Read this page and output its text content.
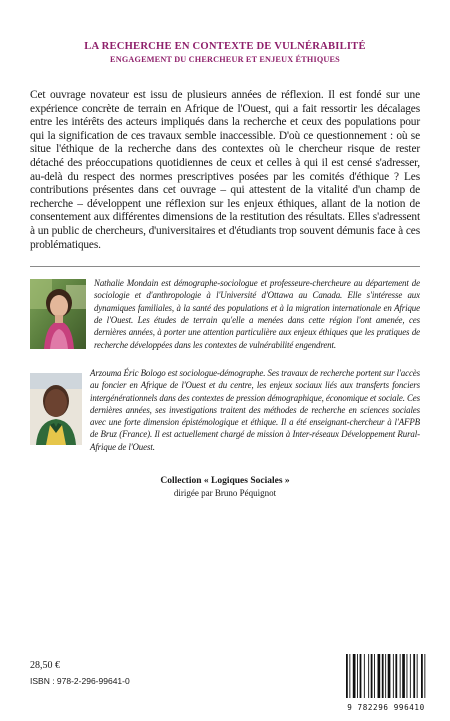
LA RECHERCHE EN CONTEXTE DE VULNÉRABILITÉ
ENGAGEMENT DU CHERCHEUR ET ENJEUX ÉTHIQUES

Cet ouvrage novateur est issu de plusieurs années de réflexion. Il est fondé sur une expérience concrète de terrain en Afrique de l'Ouest, qui a fait ressortir les décalages entre les intérêts des acteurs impliqués dans la recherche et ceux des populations pour qui la signification de ces travaux semble inaccessible. D'où ce questionnement : où se situe l'éthique de la recherche dans des contextes où le chercheur risque de rester détaché des préoccupations quotidiennes de ceux et celles à qui il est censé s'adresser, au-delà du respect des normes prescriptives posées par les comités d'éthique ? Les contributions présentes dans cet ouvrage – qui attestent de la vitalité d'un champ de recherche – développent une réflexion sur les enjeux éthiques, allant de la notion de consentement aux différentes dimensions de la restitution des résultats. Elles s'adressent à un public de chercheurs, d'universitaires et d'étudiants trop souvent démunis face à ces problématiques.

Nathalie Mondain est démographe-sociologue et professeure-chercheure au département de sociologie et d'anthropologie à l'Université d'Ottawa au Canada. Elle s'intéresse aux dynamiques familiales, à la santé des populations et à la migration internationale en Afrique de l'Ouest. Les études de terrain qu'elle a menées dans cette région l'ont amenée, ces dernières années, à porter une attention particulière aux enjeux éthiques que les pratiques de recherche développées dans les contextes de vulnérabilité engendrent.
Arzouma Éric Bologo est sociologue-démographe. Ses travaux de recherche portent sur l'accès au foncier en Afrique de l'Ouest et du centre, les enjeux sociaux liés aux transferts fonciers intergénérationnels dans des contextes de pression démographique, économique et sociale. Ces dernières années, ses investigations traitent des méthodes de recherche en sciences sociales avec une forte dimension épistémologique et éthique. Il a été enseignant-chercheur à l'AFPB de Bruz (France). Il est actuellement chargé de mission à Inter-réseaux Développement Rural-Afrique de l'Ouest.
Collection « Logiques Sociales »
dirigée par Bruno Péquignot
28,50 €
ISBN : 978-2-296-99641-0
9 782296 996410
